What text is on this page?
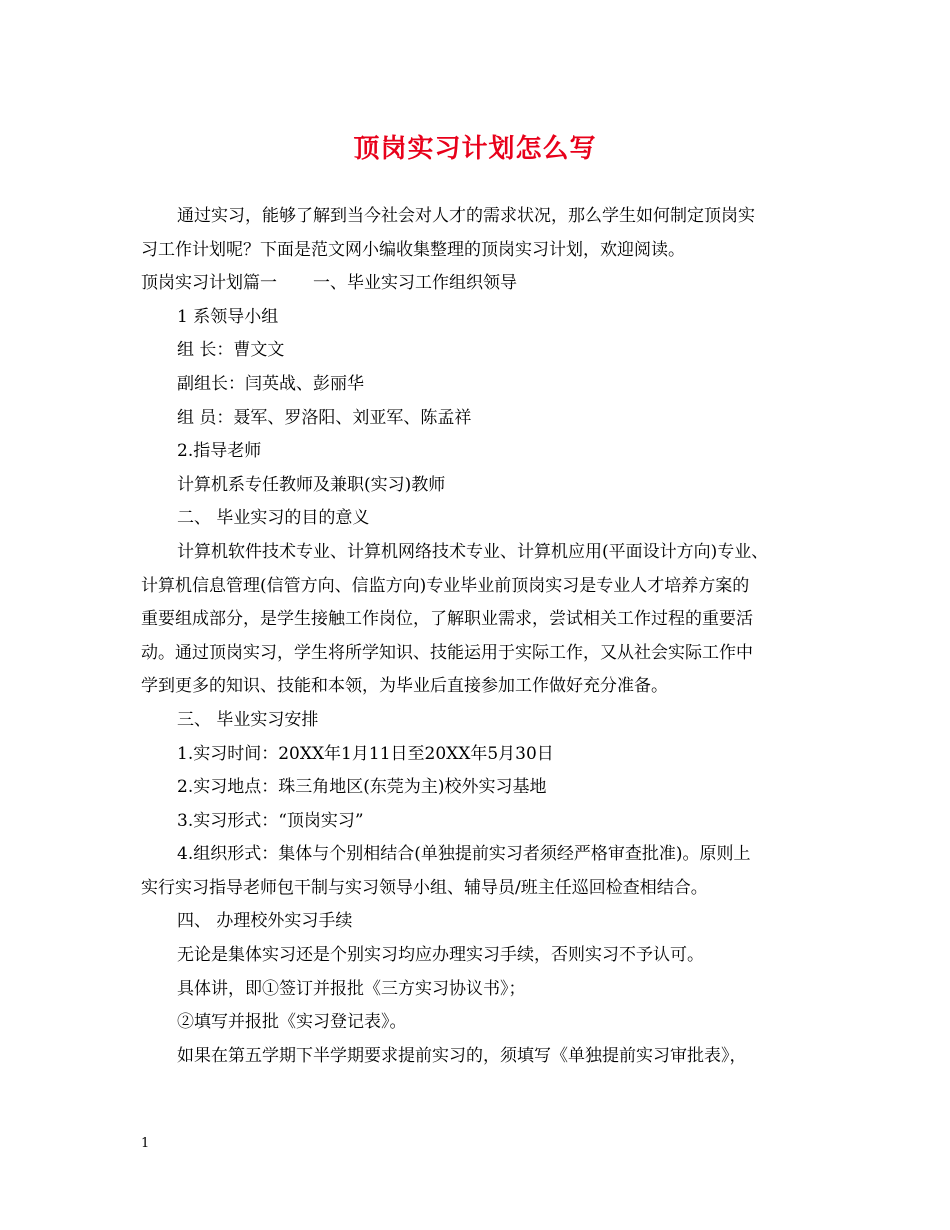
顶岗实习计划怎么写

通过实习，能够了解到当今社会对人才的需求状况，那么学生如何制定顶岗实

习工作计划呢？下面是范文网小编收集整理的顶岗实习计划，欢迎阅读。

顶岗实习计划篇一 一、毕业实习工作组织领导

1 系领导小组

组 长：曹文文

副组长：闫英战、彭丽华

组 员：聂军、罗洛阳、刘亚军、陈孟祥

2.指导老师

计算机系专任教师及兼职(实习)教师

二、 毕业实习的目的意义

计算机软件技术专业、计算机网络技术专业、计算机应用(平面设计方向)专业、

计算机信息管理(信管方向、信监方向)专业毕业前顶岗实习是专业人才培养方案的

重要组成部分，是学生接触工作岗位，了解职业需求，尝试相关工作过程的重要活

动。通过顶岗实习，学生将所学知识、技能运用于实际工作，又从社会实际工作中

学到更多的知识、技能和本领，为毕业后直接参加工作做好充分准备。

三、 毕业实习安排

1.实习时间：20XX年1月11日至20XX年5月30日

2.实习地点：珠三角地区(东莞为主)校外实习基地

3.实习形式：“顶岗实习”

4.组织形式：集体与个别相结合(单独提前实习者须经严格审查批准)。原则上

实行实习指导老师包干制与实习领导小组、辅导员/班主任巡回检查相结合。

四、 办理校外实习手续

无论是集体实习还是个别实习均应办理实习手续，否则实习不予认可。

具体讲，即①签订并报批《三方实习协议书》；

②填写并报批《实习登记表》。

如果在第五学期下半学期要求提前实习的，须填写《单独提前实习审批表》，

1
